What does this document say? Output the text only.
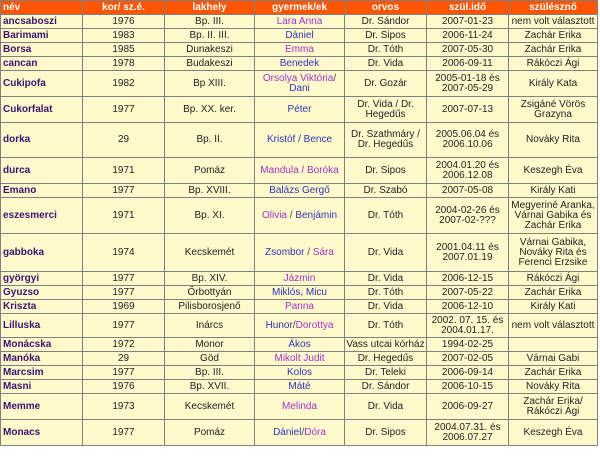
név	kor/ sz.é.	lakhely	gyermek/ek	orvos	szül.idő	szülésznő
ancsaboszi	1976	Bp. III.	Lara Anna	Dr. Sándor	2007-01-23	nem volt választott
Barimami	1983	Bp. II. III.	Dániel	Dr. Sipos	2006-11-24	Zachár Erika
Borsa	1985	Dunakeszi	Emma	Dr. Tóth	2007-05-30	Zachár Erika
cancan	1978	Budakeszi	Benedek	Dr. Vida	2006-09-11	Rákóczi Ági
Cukipofa	1982	Bp XIII.	Orsolya Viktória/ Dani	Dr. Gozár	2005-01-18 és 2007-05-29	Király Kata
Cukorfalat	1977	Bp. XX. ker.	Péter	Dr. Vida / Dr. Hegedűs	2007-07-13	Zsigáné Vörös Grazyna
dorka	29	Bp. II.	Kristóf / Bence	Dr. Szathmáry / Dr. Hegedűs	2005.06.04 és 2006.10.06	Novàky Rita
durca	1971	Pomáz	Mandula / Boróka	Dr. Sipos	2004.01.20 és 2006.12.08	Keszegh Éva
Emano	1977	Bp. XVIII.	Balázs Gergő	Dr. Szabó	2007-05-08	Király Kati
eszesmerci	1971	Bp. XI.	Olivia / Benjámin	Dr. Tóth	2004-02-26 és 2007-02-???	Megyeriné Aranka, Várnai Gabika és Zachár Erika
gabboka	1974	Kecskemét	Zsombor / Sára	Dr. Vida	2001.04.11 és 2007.01.19	Várnai Gabika, Nováky Rita és Ferenci Erzsike
györgyi	1977	Bp. XIV.	Jázmin	Dr. Vida	2006-12-15	Rákóczi Ági
Gyuzso	1977	Őrbottyán	Miklós, Micu	Dr. Tóth	2007-05-22	Zachár Erika
Kriszta	1969	Pilisborosjenő	Panna	Dr. Vida	2006-12-10	Király Kati
Lilluska	1977	Inárcs	Hunor/Dorottya	Dr. Tóth	2002. 07. 15. és 2004.01.17.	nem volt választott
Monácska	1972	Monor	Ákos	Vass utcai kórház	1994-02-25	
Manóka	29	Göd	Mikolt Judit	Dr. Hegedűs	2007-02-05	Várnai Gabi
Marcsim	1977	Bp. III.	Kolos	Dr. Teleki	2006-09-14	Zachár Erika
Masni	1976	Bp. XVII.	Máté	Dr. Sándor	2006-10-15	Nováky Rita
Memme	1973	Kecskemét	Melinda	Dr. Vida	2006-09-27	Zachár Erika/ Rákóczi Ági
Monacs	1977	Pomáz	Dániel/Dóra	Dr. Sipos	2004.07.31. és 2006.07.27	Keszegh Éva
